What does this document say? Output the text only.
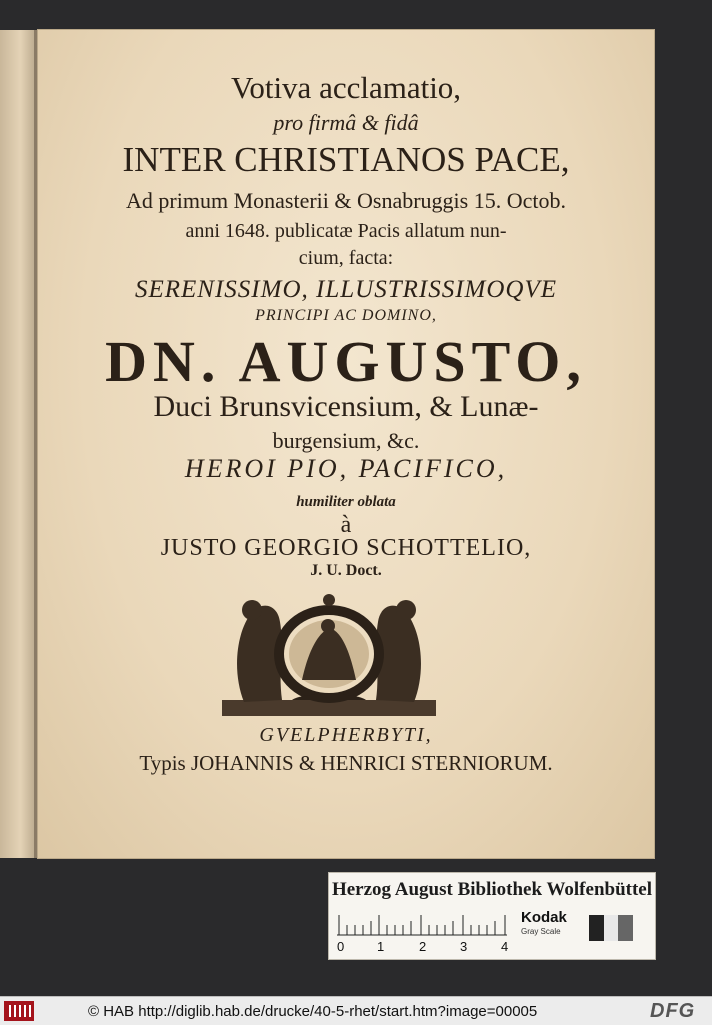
Votiva acclamatio,
pro firmâ & fidâ
INTER CHRISTIANOS PACE,
Ad primum Monasterii & Osnabruggis 15. Octob.
anni 1648. publicatæ Pacis allatum nun-
cium, facta:
SERENISSIMO, ILLUSTRISSIMOQVE
PRINCIPI AC DOMINO,
DN. AUGUSTO,
Duci Brunsvicensium, & Lunæ-
burgensium, &c.
HEROI PIO, PACIFICO,
humiliter oblata
à
JUSTO GEORGIO SCHOTTELIO,
J. U. Doct.
GVELPHERBYTI,
Typis JOHANNIS & HENRICI STERNIORUM.
Herzog August Bibliothek Wolfenbüttel
0	1	2	3	4
Kodak
Gray Scale
© HAB http://diglib.hab.de/drucke/40-5-rhet/start.htm?image=00005	DFG
